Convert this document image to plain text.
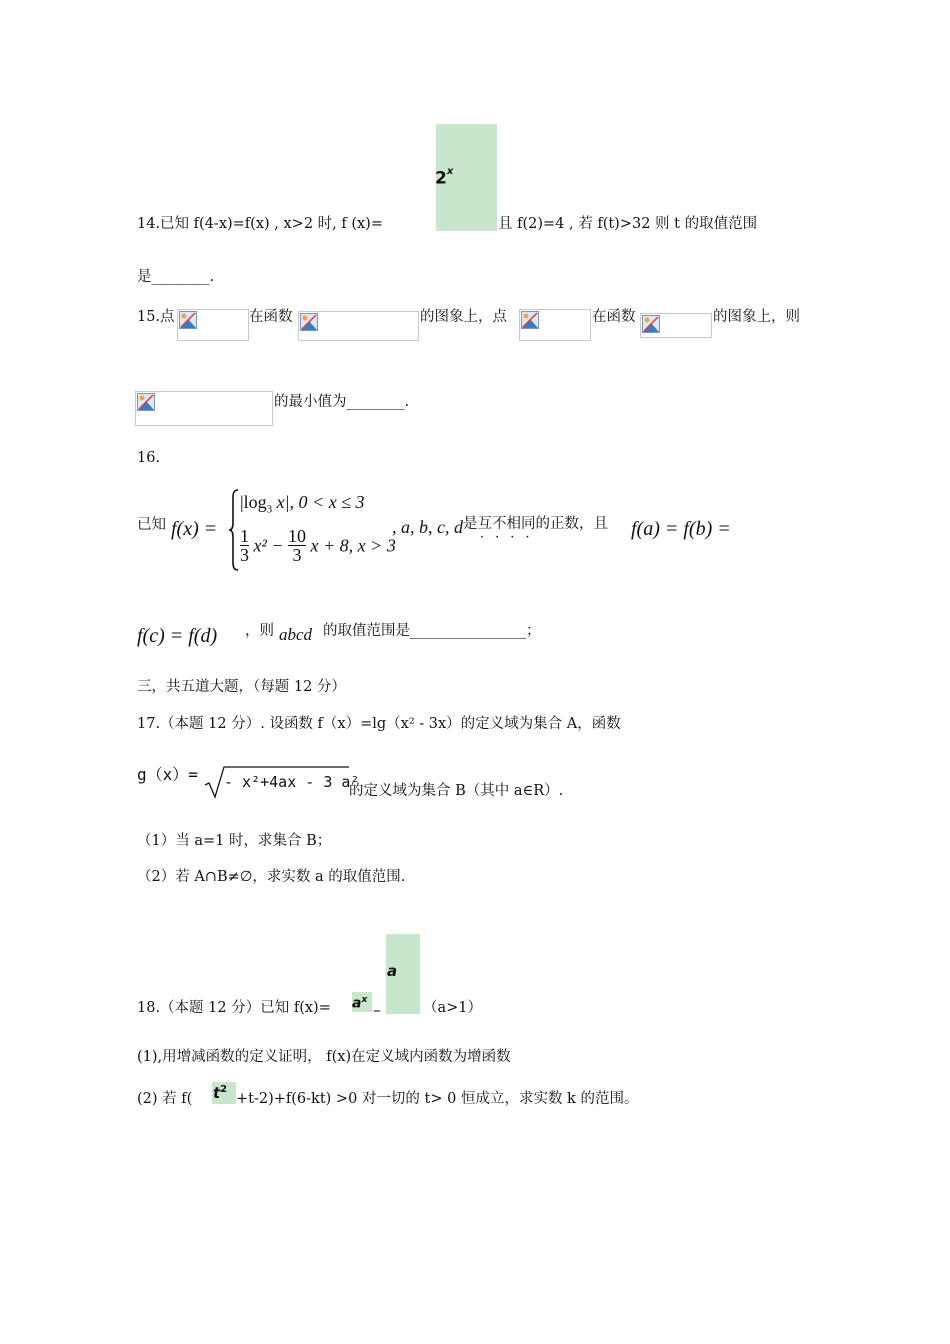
2$^x$
14.已知 f(4-x)=f(x) , x>2 时, f (x)=	且 f(2)=4 , 若 f(t)>32 则 t 的取值范围
是________.
15.点	在函数	的图象上，点	在函数	的图象上，则
的最小值为________.
16.
已知 f(x) =
$|\log_3$ x|, 0 < x ≤ 3
$\frac{1}{3} x^2 - \frac{10}{3}$ x + 8, x > 3
, a, b, c, d 是互不相同的正数，且
····	f(a) = f(b) =
f(c) = f(d) ，则 abcd 的取值范围是________________；
三，共五道大题，（每题 12 分）
17.（本题 12 分）. 设函数 f（x）=lg（x² - 3x）的定义域为集合 A，函数
g（x）= - x²+4ax - 3 a²
的定义域为集合 B（其中 a∈R）.
（1）当 a=1 时，求集合 B；
（2）若 A∩B≠∅，求实数 a 的取值范围.
a
18.（本题 12 分）已知 $f(x)= a^x$ –	（a>1）
(1),用增减函数的定义证明， f(x)在定义域内函数为增函数
(2) 若 f( $t^2$
+t-2)+f(6-kt) >0 对一切的 t> 0 恒成立，求实数 k 的范围。
